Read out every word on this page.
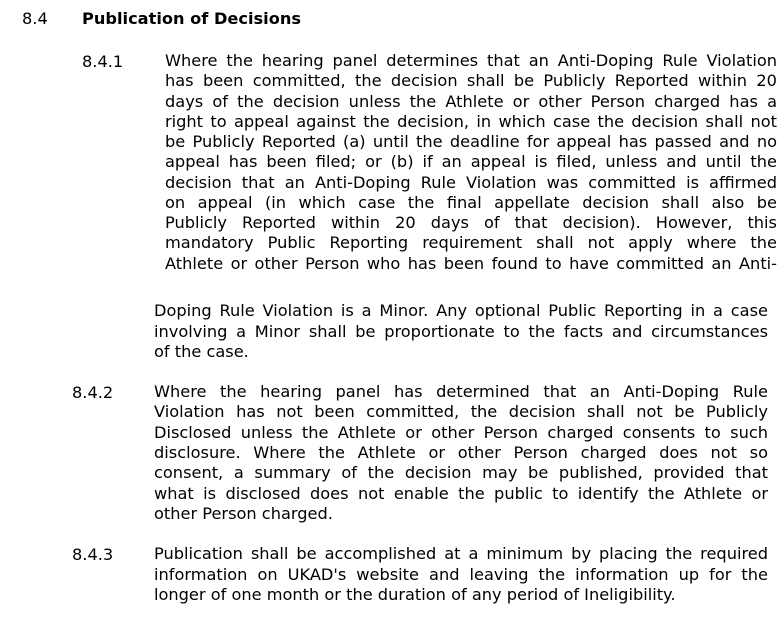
8.4 Publication of Decisions
8.4.1	Where the hearing panel determines that an Anti-Doping Rule Violation
has been committed, the decision shall be Publicly Reported within 20
days of the decision unless the Athlete or other Person charged has a
right to appeal against the decision, in which case the decision shall not
be Publicly Reported (a) until the deadline for appeal has passed and no
appeal has been filed; or (b) if an appeal is filed, unless and until the
decision that an Anti-Doping Rule Violation was committed is affirmed
on appeal (in which case the final appellate decision shall also be
Publicly Reported within 20 days of that decision). However, this
mandatory Public Reporting requirement shall not apply where the
Athlete or other Person who has been found to have committed an Anti-
Doping Rule Violation is a Minor. Any optional Public Reporting in a case
involving a Minor shall be proportionate to the facts and circumstances
of the case.
8.4.2	Where the hearing panel has determined that an Anti-Doping Rule
Violation has not been committed, the decision shall not be Publicly
Disclosed unless the Athlete or other Person charged consents to such
disclosure. Where the Athlete or other Person charged does not so
consent, a summary of the decision may be published, provided that
what is disclosed does not enable the public to identify the Athlete or
other Person charged.
8.4.3	Publication shall be accomplished at a minimum by placing the required
information on UKAD's website and leaving the information up for the
longer of one month or the duration of any period of Ineligibility.
